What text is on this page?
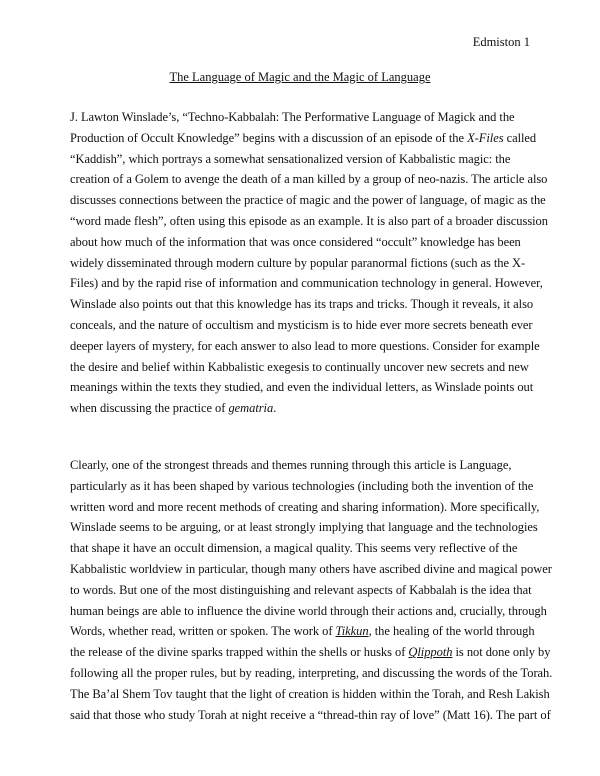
Edmiston 1
The Language of Magic and the Magic of Language
J. Lawton Winslade’s, “Techno-Kabbalah: The Performative Language of Magick and the
Production of Occult Knowledge” begins with a discussion of an episode of the X-Files called
“Kaddish”, which portrays a somewhat sensationalized version of Kabbalistic magic: the
creation of a Golem to avenge the death of a man killed by a group of neo-nazis. The article also
discusses connections between the practice of magic and the power of language, of magic as the
“word made flesh”, often using this episode as an example. It is also part of a broader discussion
about how much of the information that was once considered “occult” knowledge has been
widely disseminated through modern culture by popular paranormal fictions (such as the X-
Files) and by the rapid rise of information and communication technology in general. However,
Winslade also points out that this knowledge has its traps and tricks. Though it reveals, it also
conceals, and the nature of occultism and mysticism is to hide ever more secrets beneath ever
deeper layers of mystery, for each answer to also lead to more questions. Consider for example
the desire and belief within Kabbalistic exegesis to continually uncover new secrets and new
meanings within the texts they studied, and even the individual letters, as Winslade points out
when discussing the practice of gematria.
Clearly, one of the strongest threads and themes running through this article is Language,
particularly as it has been shaped by various technologies (including both the invention of the
written word and more recent methods of creating and sharing information). More specifically,
Winslade seems to be arguing, or at least strongly implying that language and the technologies
that shape it have an occult dimension, a magical quality. This seems very reflective of the
Kabbalistic worldview in particular, though many others have ascribed divine and magical power
to words. But one of the most distinguishing and relevant aspects of Kabbalah is the idea that
human beings are able to influence the divine world through their actions and, crucially, through
Words, whether read, written or spoken. The work of Tikkun, the healing of the world through
the release of the divine sparks trapped within the shells or husks of Qlippoth is not done only by
following all the proper rules, but by reading, interpreting, and discussing the words of the Torah.
The Ba’al Shem Tov taught that the light of creation is hidden within the Torah, and Resh Lakish
said that those who study Torah at night receive a “thread-thin ray of love” (Matt 16). The part of
